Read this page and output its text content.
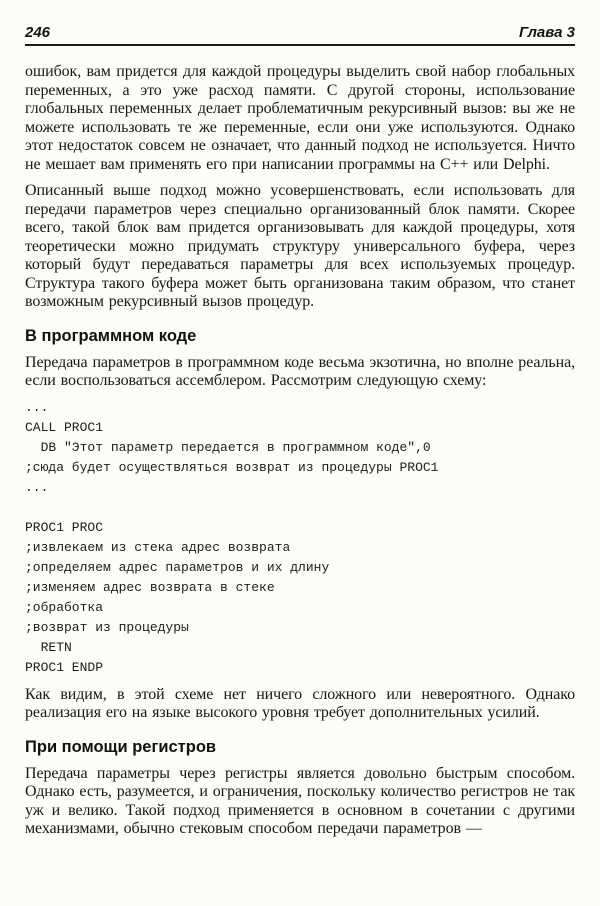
246	Глава 3

ошибок, вам придется для каждой процедуры выделить свой набор глобальных переменных, а это уже расход памяти. С другой стороны, использование глобальных переменных делает проблематичным рекурсивный вызов: вы же не можете использовать те же переменные, если они уже используются. Однако этот недостаток совсем не означает, что данный подход не используется. Ничто не мешает вам применять его при написании программы на C++ или Delphi.

Описанный выше подход можно усовершенствовать, если использовать для передачи параметров через специально организованный блок памяти. Скорее всего, такой блок вам придется организовывать для каждой процедуры, хотя теоретически можно придумать структуру универсального буфера, через который будут передаваться параметры для всех используемых процедур. Структура такого буфера может быть организована таким образом, что станет возможным рекурсивный вызов процедур.

В программном коде

Передача параметров в программном коде весьма экзотична, но вполне реальна, если воспользоваться ассемблером. Рассмотрим следующую схему:

...
CALL PROC1
DB "Этот параметр передается в программном коде",0
;сюда будет осуществляться возврат из процедуры PROC1
...
PROC1 PROC
;извлекаем из стека адрес возврата
;определяем адрес параметров и их длину
;изменяем адрес возврата в стеке
;обработка
;возврат из процедуры
RETN
PROC1 ENDP

Как видим, в этой схеме нет ничего сложного или невероятного. Однако реализация его на языке высокого уровня требует дополнительных усилий.

При помощи регистров

Передача параметры через регистры является довольно быстрым способом. Однако есть, разумеется, и ограничения, поскольку количество регистров не так уж и велико. Такой подход применяется в основном в сочетании с другими механизмами, обычно стековым способом передачи параметров —
